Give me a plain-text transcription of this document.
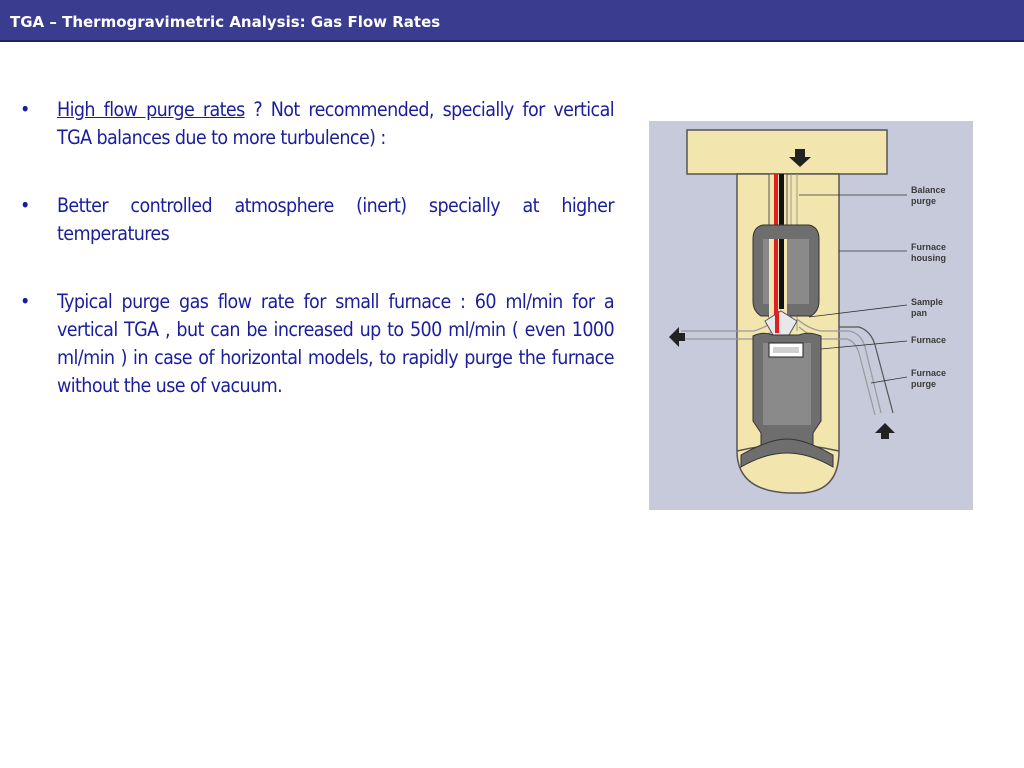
TGA – Thermogravimetric Analysis: Gas Flow Rates
• High flow purge rates ? Not recommended, specially for vertical TGA balances due to more turbulence) :
• Better controlled atmosphere (inert) specially at higher temperatures
• Typical purge gas flow rate for small furnace : 60 ml/min for a vertical TGA , but can be increased up to 500 ml/min ( even 1000 ml/min ) in case of horizontal models, to rapidly purge the furnace without the use of vacuum.
Balance
purge
Furnace
housing
Sample
pan
Furnace
Furnace
purge
